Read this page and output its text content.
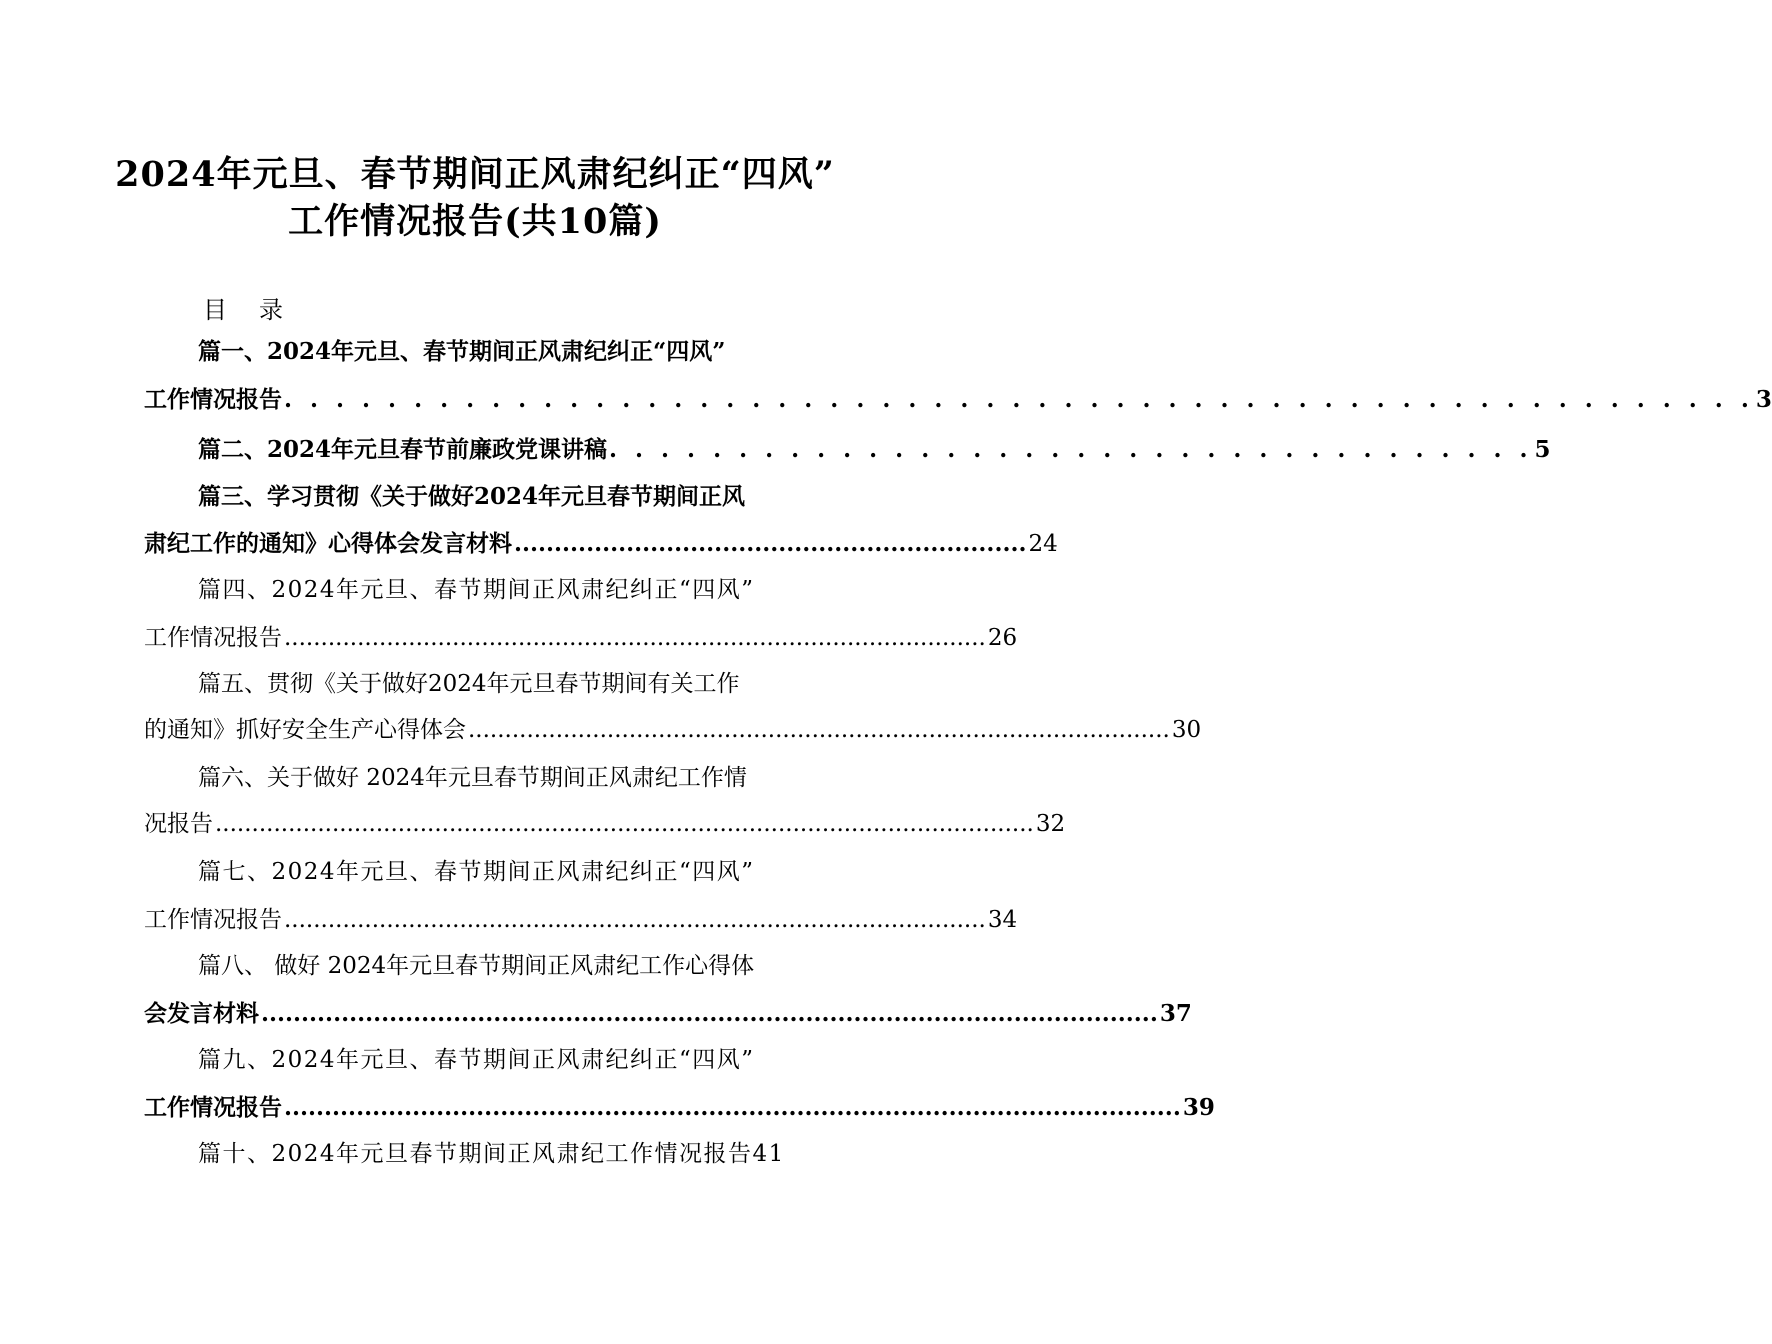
2024年元旦、春节期间正风肃纪纠正“四风”
工作情况报告(共10篇)
目 录
篇一、2024年元旦、春节期间正风肃纪纠正“四风”
工作情况报告 . . . . . . . . . . . . . . . . . . . . . . . . . . . . . . . . . . . . . . . . . . . . . . . . . . . . . . . . . 3
篇二、2024年元旦春节前廉政党课讲稿 . . . . . . . . . . . . . . . . . . . . . . . . . . . . . . . . . . . . 5
篇三、学习贯彻《关于做好2024年元旦春节期间正风
肃纪工作的通知》心得体会发言材料 ................................................................ 24
篇四、2024年元旦、春节期间正风肃纪纠正“四风”
工作情况报告 ................................................................................................ 26
篇五、贯彻《关于做好2024年元旦春节期间有关工作
的通知》抓好安全生产心得体会 ................................................................................................ 30
篇六、关于做好 2024年元旦春节期间正风肃纪工作情
况报告 ................................................................................................................ 32
篇七、2024年元旦、春节期间正风肃纪纠正“四风”
工作情况报告 ................................................................................................ 34
篇八、 做好 2024年元旦春节期间正风肃纪工作心得体
会发言材料 ................................................................................................................ 37
篇九、2024年元旦、春节期间正风肃纪纠正“四风”
工作情况报告 ................................................................................................................ 39
篇十、2024年元旦春节期间正风肃纪工作情况报告41
